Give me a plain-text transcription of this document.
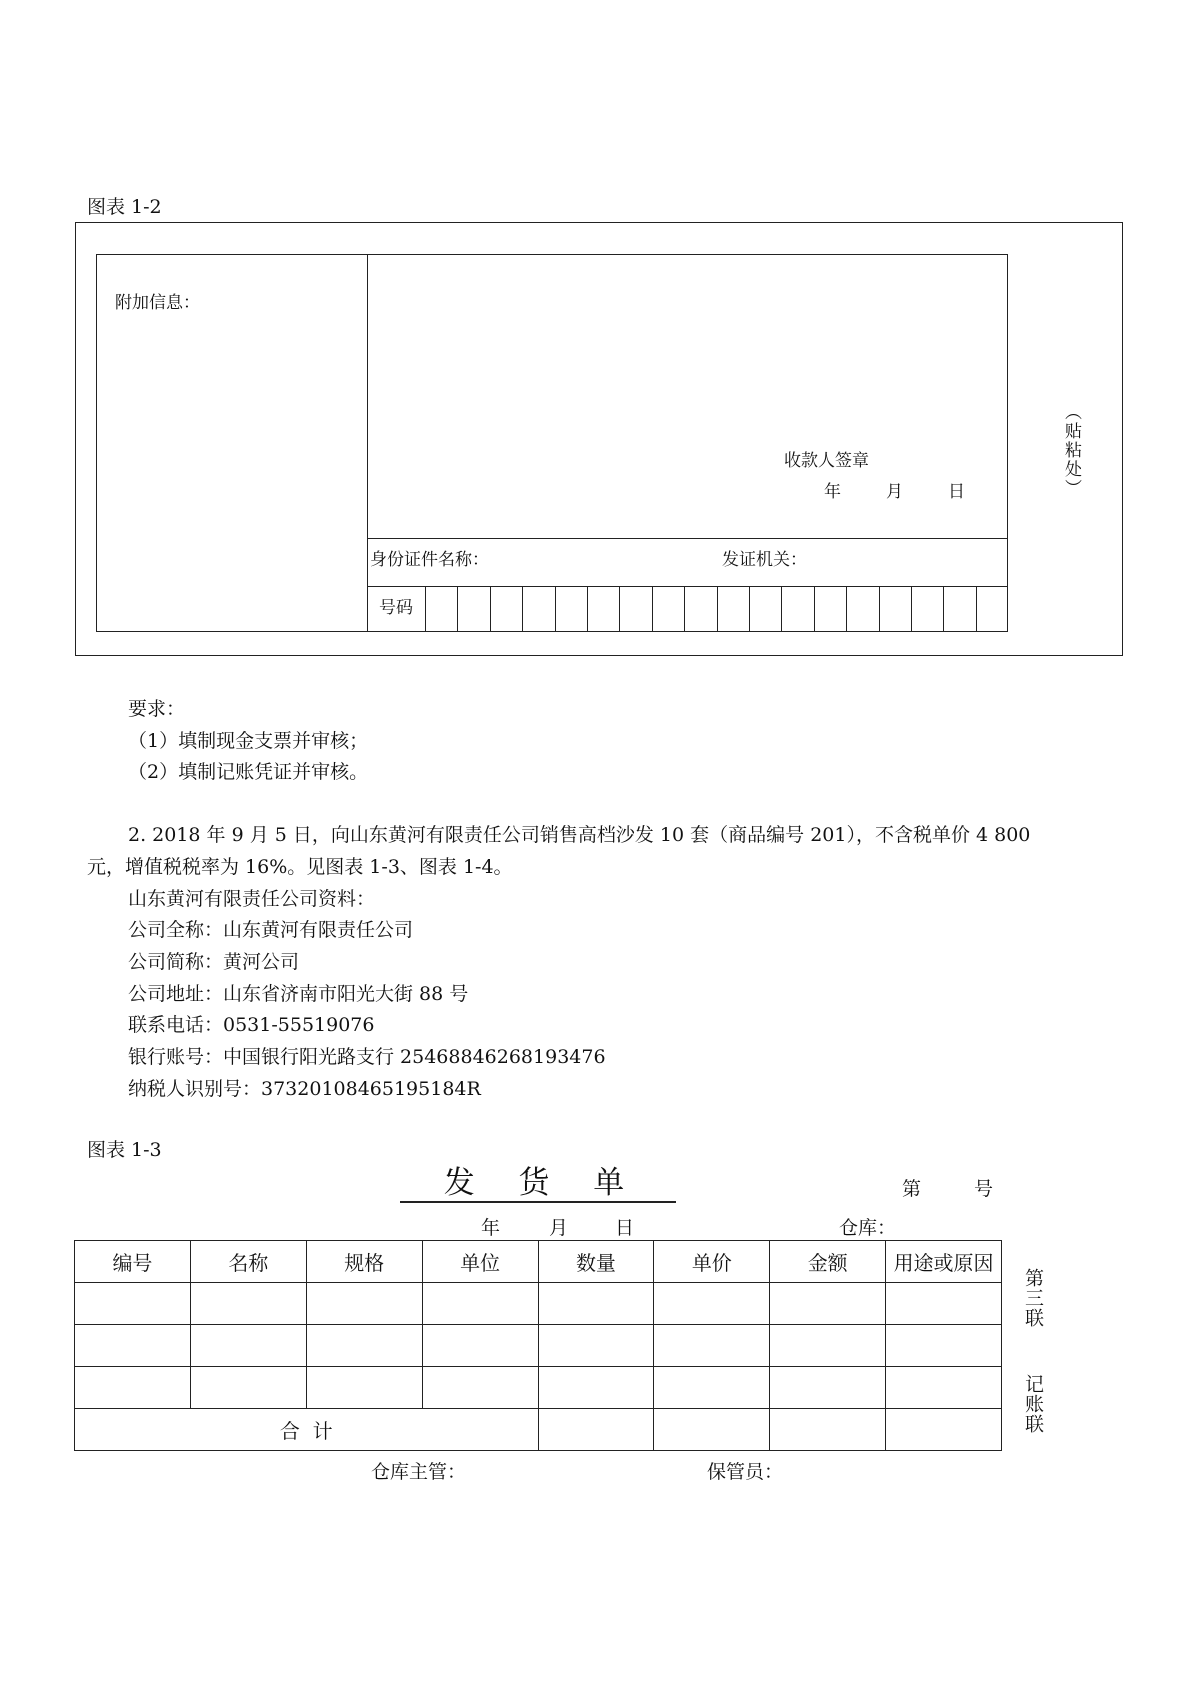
图表 1-2
附加信息：
收款人签章
年	月	日
身份证件名称：	发证机关：
号码
（贴粘处）
要求：
（1）填制现金支票并审核；
（2）填制记账凭证并审核。
2. 2018 年 9 月 5 日，向山东黄河有限责任公司销售高档沙发 10 套（商品编号 201），不含税单价 4 800
元，增值税税率为 16%。见图表 1-3、图表 1-4。
山东黄河有限责任公司资料：
公司全称：山东黄河有限责任公司
公司简称：黄河公司
公司地址：山东省济南市阳光大街 88 号
联系电话：0531-55519076
银行账号：中国银行阳光路支行 25468846268193476
纳税人识别号：37320108465195184R
图表 1-3
发  货  单	第	号
年	月 日	仓库：
编号	名称	规格	单位	数量	单价	金额	用途或原因

合  计								第三联  记账联
仓库主管：	保管员：
